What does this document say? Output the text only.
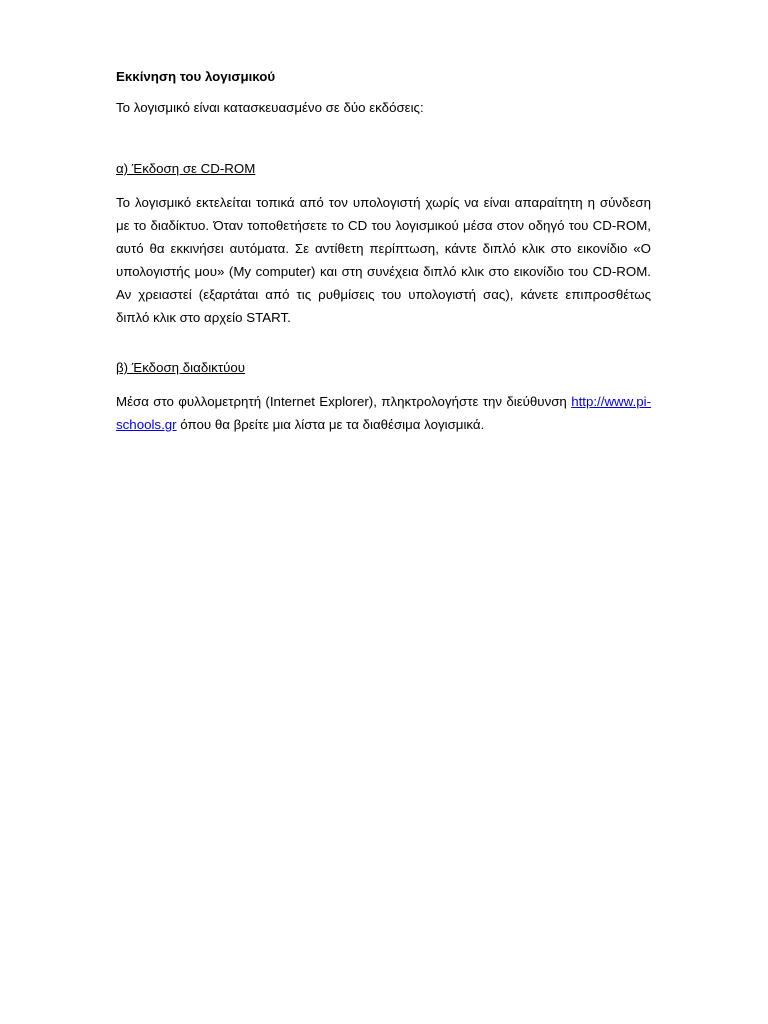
Εκκίνηση του λογισμικού
Το λογισμικό είναι κατασκευασμένο σε δύο εκδόσεις:
α) Έκδοση σε CD-ROM

Το λογισμικό εκτελείται τοπικά από τον υπολογιστή χωρίς να είναι απαραίτητη η σύνδεση με το διαδίκτυο. Όταν τοποθετήσετε το CD του λογισμικού μέσα στον οδηγό του CD-ROM, αυτό θα εκκινήσει αυτόματα. Σε αντίθετη περίπτωση, κάντε διπλό κλικ στο εικονίδιο «Ο υπολογιστής μου» (My computer) και στη συνέχεια διπλό κλικ στο εικονίδιο του CD-ROM. Αν χρειαστεί (εξαρτάται από τις ρυθμίσεις του υπολογιστή σας), κάνετε επιπροσθέτως διπλό κλικ στο αρχείο START.

β) Έκδοση διαδικτύου

Μέσα στο φυλλομετρητή (Internet Explorer), πληκτρολογήστε την διεύθυνση http://www.pi-schools.gr όπου θα βρείτε μια λίστα με τα διαθέσιμα λογισμικά.
